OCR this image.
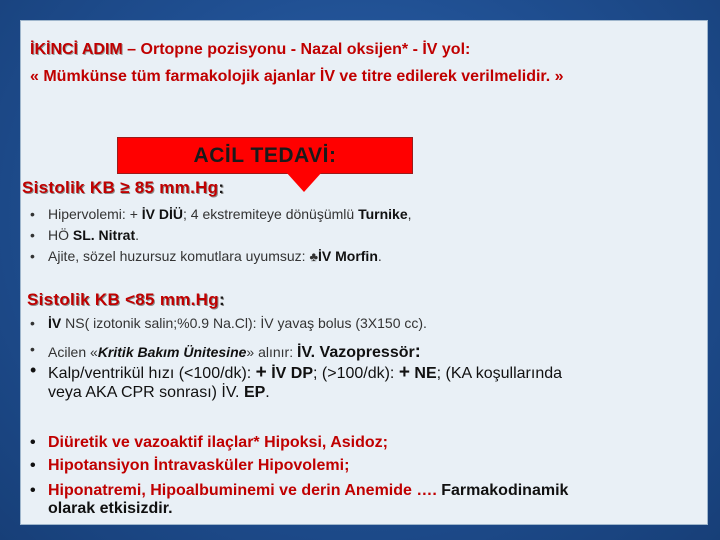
İKİNCİ ADIM – Ortopne pozisyonu - Nazal oksijen* - İV yol:
« Mümkünse tüm farmakolojik ajanlar İV ve titre edilerek verilmelidir. »
ACİL TEDAVİ:
Sistolik KB ≥ 85 mm.Hg:
• Hipervolemi: + İV DİÜ; 4 ekstremiteye dönüşümlü Turnike,
• HÖ SL. Nitrat.
• Ajite, sözel huzursuz komutlara uyumsuz: ♣İV Morfin.
Sistolik KB <85 mm.Hg:
• İV NS( izotonik salin;%0.9 Na.Cl): İV yavaş bolus (3X150 cc).
• Acilen «Kritik Bakım Ünitesine» alınır: İV. Vazopressör:
• Kalp/ventrikül hızı (<100/dk): + İV DP; (>100/dk): + NE; (KA koşullarında
veya AKA CPR sonrası) İV. EP.
• Diüretik ve vazoaktif ilaçlar* Hipoksi, Asidoz;
• Hipotansiyon İntravasküler Hipovolemi;
• Hiponatremi, Hipoalbuminemi ve derin Anemide …. Farmakodinamik
olarak etkisizdir.
